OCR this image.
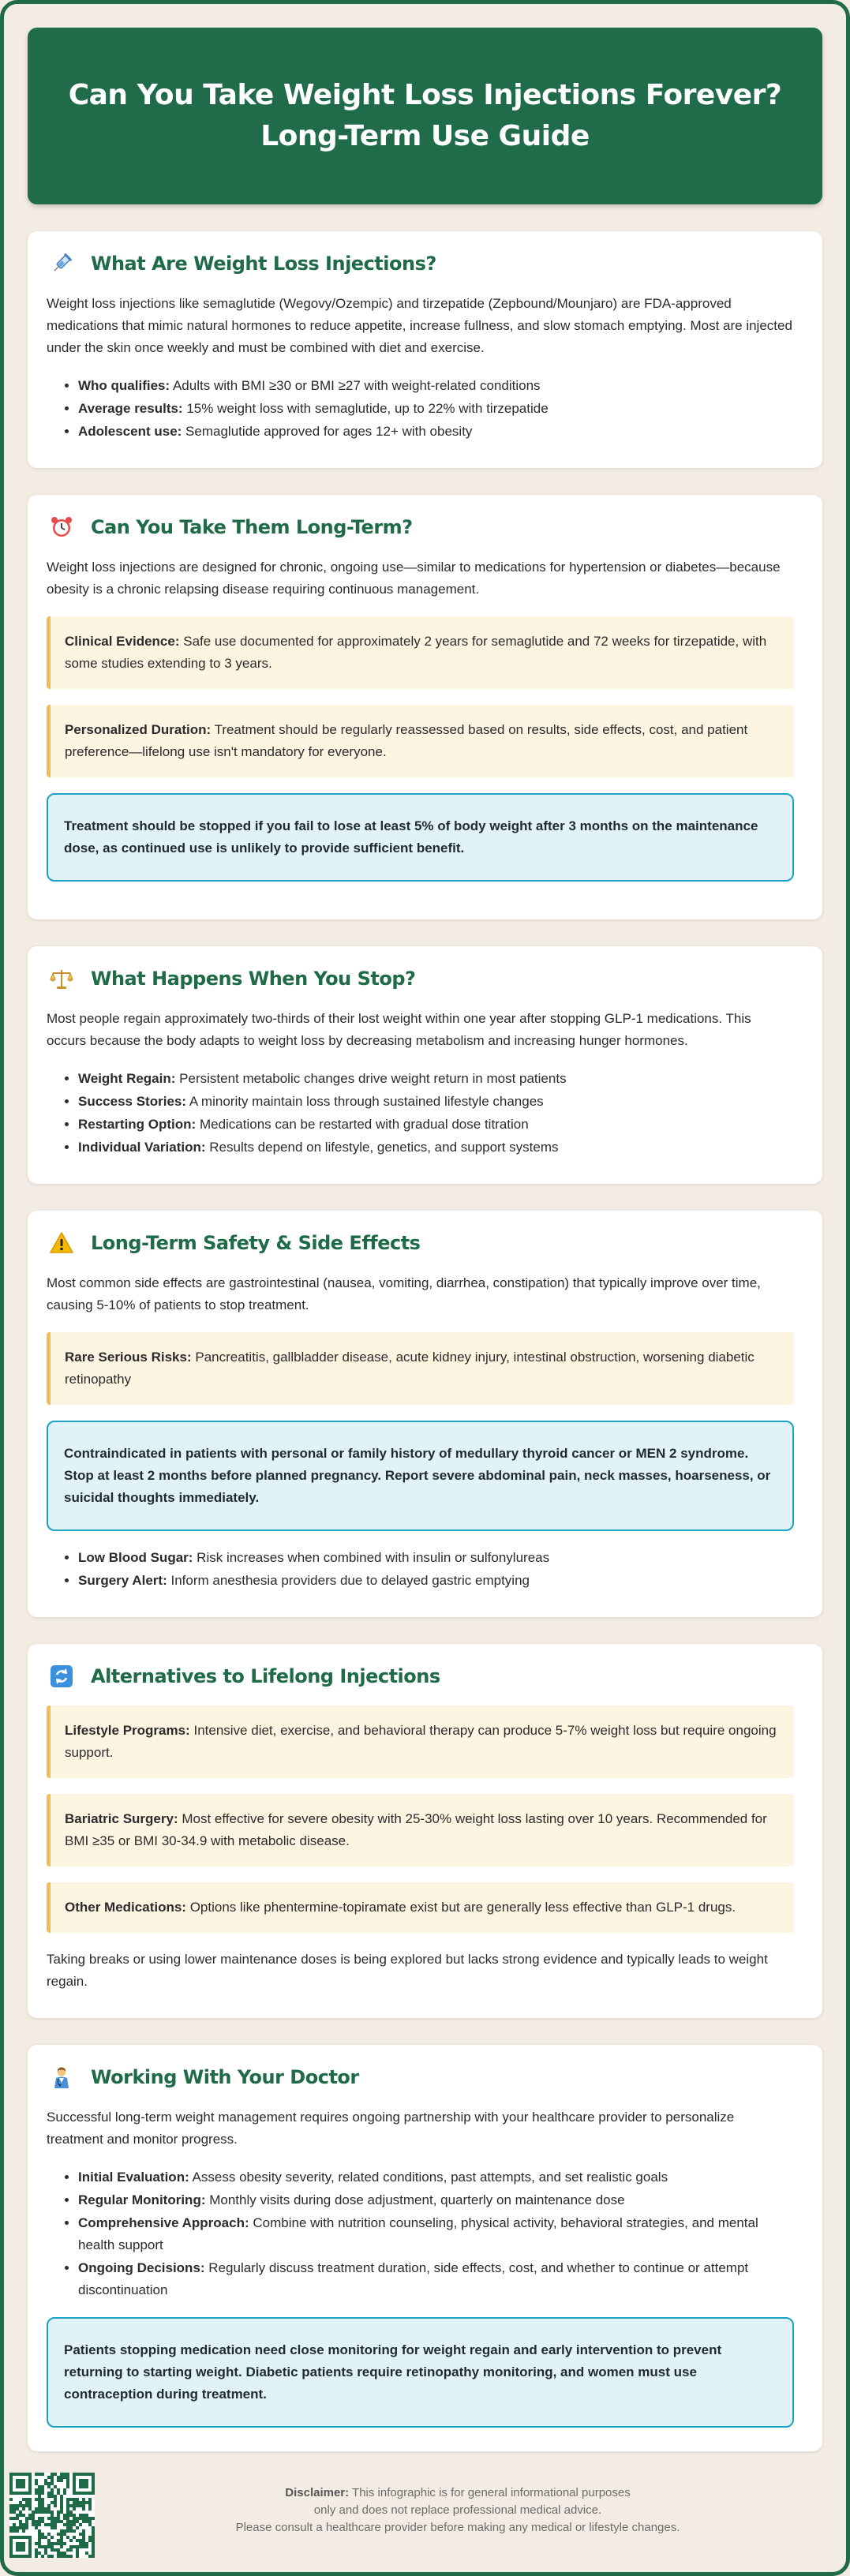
Can You Take Weight Loss Injections Forever? Long-Term Use Guide
What Are Weight Loss Injections?

Weight loss injections like semaglutide (Wegovy/Ozempic) and tirzepatide (Zepbound/Mounjaro) are FDA-approved medications that mimic natural hormones to reduce appetite, increase fullness, and slow stomach emptying. Most are injected under the skin once weekly and must be combined with diet and exercise.

• Who qualifies: Adults with BMI ≥30 or BMI ≥27 with weight-related conditions
• Average results: 15% weight loss with semaglutide, up to 22% with tirzepatide
• Adolescent use: Semaglutide approved for ages 12+ with obesity
Can You Take Them Long-Term?

Weight loss injections are designed for chronic, ongoing use—similar to medications for hypertension or diabetes—because obesity is a chronic relapsing disease requiring continuous management.

Clinical Evidence: Safe use documented for approximately 2 years for semaglutide and 72 weeks for tirzepatide, with some studies extending to 3 years.
Personalized Duration: Treatment should be regularly reassessed based on results, side effects, cost, and patient preference—lifelong use isn't mandatory for everyone.
Treatment should be stopped if you fail to lose at least 5% of body weight after 3 months on the maintenance dose, as continued use is unlikely to provide sufficient benefit.
What Happens When You Stop?

Most people regain approximately two-thirds of their lost weight within one year after stopping GLP-1 medications. This occurs because the body adapts to weight loss by decreasing metabolism and increasing hunger hormones.

• Weight Regain: Persistent metabolic changes drive weight return in most patients
• Success Stories: A minority maintain loss through sustained lifestyle changes
• Restarting Option: Medications can be restarted with gradual dose titration
• Individual Variation: Results depend on lifestyle, genetics, and support systems
Long-Term Safety & Side Effects

Most common side effects are gastrointestinal (nausea, vomiting, diarrhea, constipation) that typically improve over time, causing 5-10% of patients to stop treatment.

Rare Serious Risks: Pancreatitis, gallbladder disease, acute kidney injury, intestinal obstruction, worsening diabetic retinopathy
Contraindicated in patients with personal or family history of medullary thyroid cancer or MEN 2 syndrome. Stop at least 2 months before planned pregnancy. Report severe abdominal pain, neck masses, hoarseness, or suicidal thoughts immediately.
• Low Blood Sugar: Risk increases when combined with insulin or sulfonylureas
• Surgery Alert: Inform anesthesia providers due to delayed gastric emptying
Alternatives to Lifelong Injections
Lifestyle Programs: Intensive diet, exercise, and behavioral therapy can produce 5-7% weight loss but require ongoing support.
Bariatric Surgery: Most effective for severe obesity with 25-30% weight loss lasting over 10 years. Recommended for BMI ≥35 or BMI 30-34.9 with metabolic disease.
Other Medications: Options like phentermine-topiramate exist but are generally less effective than GLP-1 drugs.

Taking breaks or using lower maintenance doses is being explored but lacks strong evidence and typically leads to weight regain.

Working With Your Doctor

Successful long-term weight management requires ongoing partnership with your healthcare provider to personalize treatment and monitor progress.

• Initial Evaluation: Assess obesity severity, related conditions, past attempts, and set realistic goals
• Regular Monitoring: Monthly visits during dose adjustment, quarterly on maintenance dose
• Comprehensive Approach: Combine with nutrition counseling, physical activity, behavioral strategies, and mental health support
• Ongoing Decisions: Regularly discuss treatment duration, side effects, cost, and whether to continue or attempt discontinuation
Patients stopping medication need close monitoring for weight regain and early intervention to prevent returning to starting weight. Diabetic patients require retinopathy monitoring, and women must use contraception during treatment.
Disclaimer: This infographic is for general informational purposes
only and does not replace professional medical advice.
Please consult a healthcare provider before making any medical or lifestyle changes.
